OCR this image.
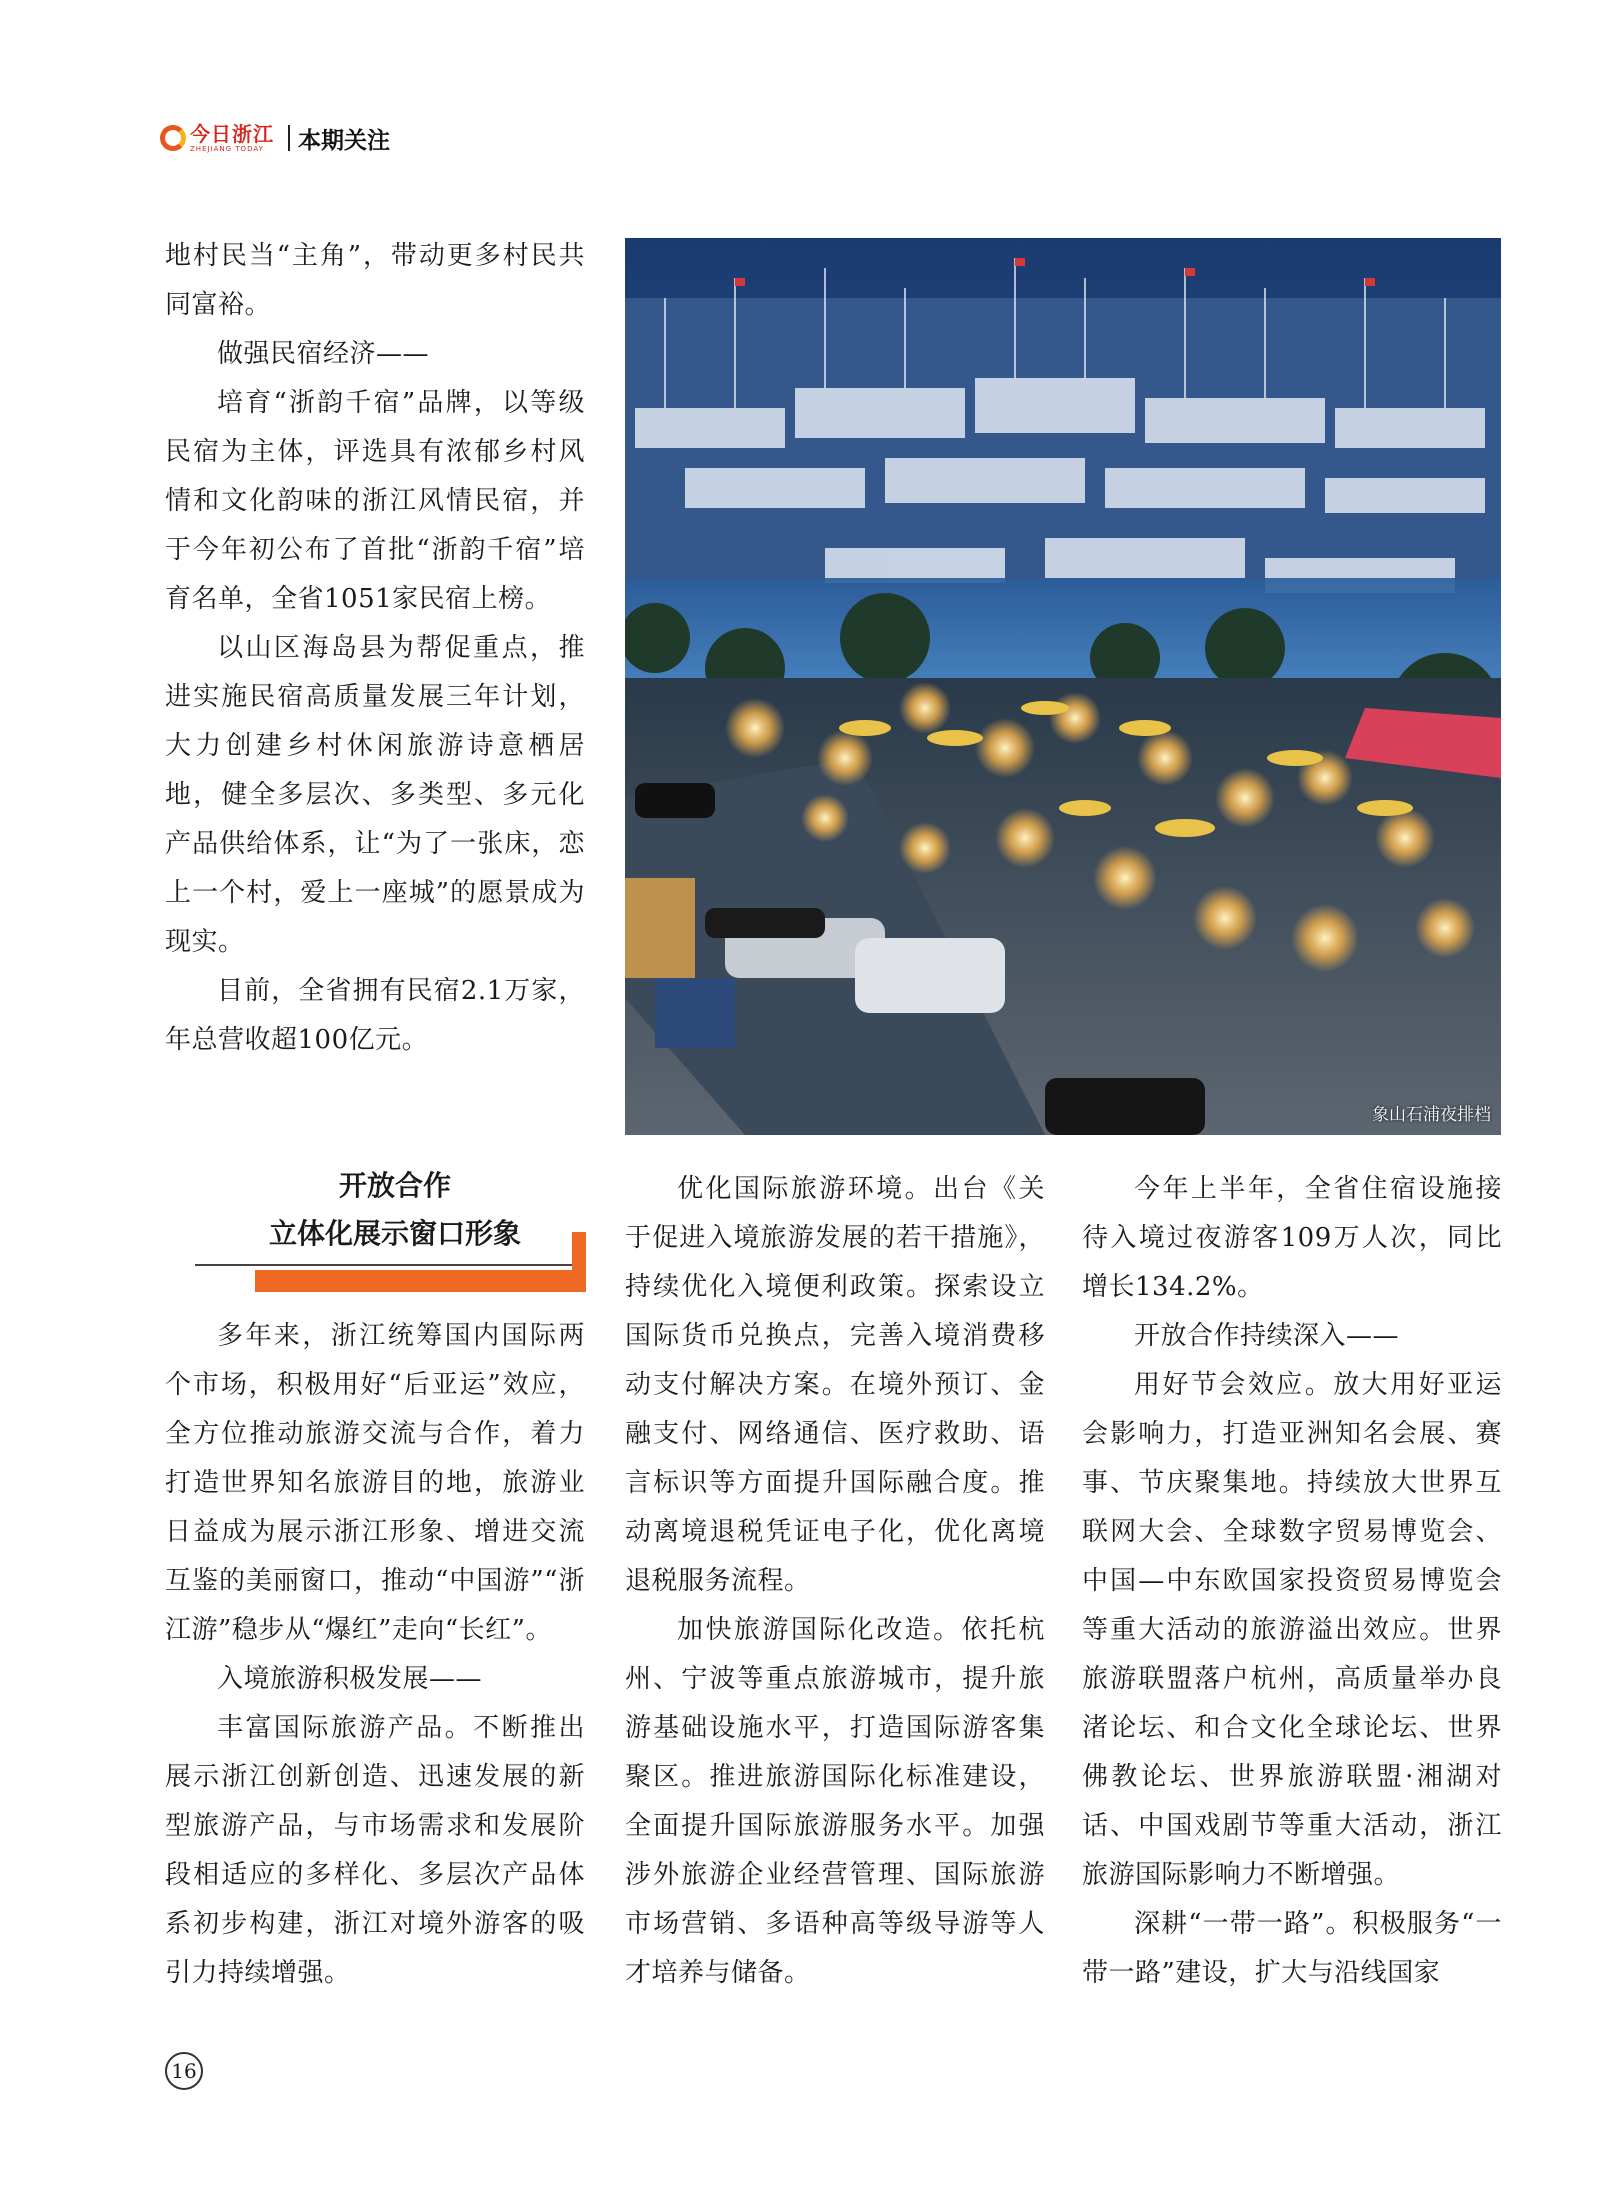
今日浙江
ZHEJIANG TODAY	本期关注

地村民当“主角”，带动更多村民共同富裕。

做强民宿经济——

培育“浙韵千宿”品牌，以等级民宿为主体，评选具有浓郁乡村风情和文化韵味的浙江风情民宿，并于今年初公布了首批“浙韵千宿”培育名单，全省1051家民宿上榜。

以山区海岛县为帮促重点，推进实施民宿高质量发展三年计划，大力创建乡村休闲旅游诗意栖居地，健全多层次、多类型、多元化产品供给体系，让“为了一张床，恋上一个村，爱上一座城”的愿景成为现实。

目前，全省拥有民宿2.1万家，年总营收超100亿元。

象山石浦夜排档
开放合作
立体化展示窗口形象

多年来，浙江统筹国内国际两个市场，积极用好“后亚运”效应，全方位推动旅游交流与合作，着力打造世界知名旅游目的地，旅游业日益成为展示浙江形象、增进交流互鉴的美丽窗口，推动“中国游”“浙江游”稳步从“爆红”走向“长红”。

入境旅游积极发展——

丰富国际旅游产品。不断推出展示浙江创新创造、迅速发展的新型旅游产品，与市场需求和发展阶段相适应的多样化、多层次产品体系初步构建，浙江对境外游客的吸引力持续增强。

优化国际旅游环境。出台《关于促进入境旅游发展的若干措施》，持续优化入境便利政策。探索设立国际货币兑换点，完善入境消费移动支付解决方案。在境外预订、金融支付、网络通信、医疗救助、语言标识等方面提升国际融合度。推动离境退税凭证电子化，优化离境退税服务流程。

加快旅游国际化改造。依托杭州、宁波等重点旅游城市，提升旅游基础设施水平，打造国际游客集聚区。推进旅游国际化标准建设，全面提升国际旅游服务水平。加强涉外旅游企业经营管理、国际旅游市场营销、多语种高等级导游等人才培养与储备。

今年上半年，全省住宿设施接待入境过夜游客109万人次，同比增长134.2%。

开放合作持续深入——

用好节会效应。放大用好亚运会影响力，打造亚洲知名会展、赛事、节庆聚集地。持续放大世界互联网大会、全球数字贸易博览会、中国—中东欧国家投资贸易博览会等重大活动的旅游溢出效应。世界旅游联盟落户杭州，高质量举办良渚论坛、和合文化全球论坛、世界佛教论坛、世界旅游联盟·湘湖对话、中国戏剧节等重大活动，浙江旅游国际影响力不断增强。

深耕“一带一路”。积极服务“一带一路”建设，扩大与沿线国家

16
